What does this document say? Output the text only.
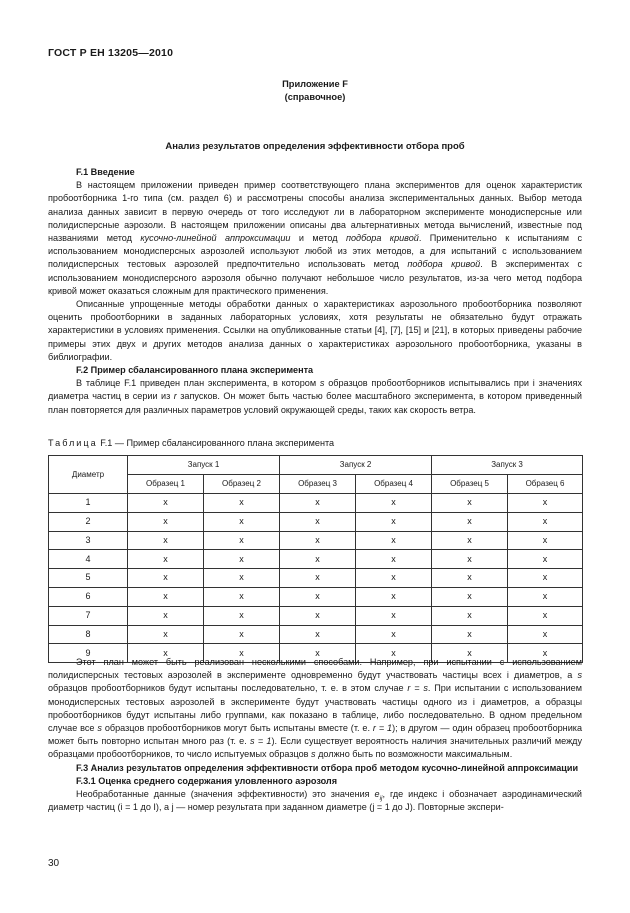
ГОСТ Р ЕН 13205—2010
Приложение F
(справочное)
Анализ результатов определения эффективности отбора проб
F.1 Введение
В настоящем приложении приведен пример соответствующего плана экспериментов для оценок характеристик пробоотборника 1-го типа (см. раздел 6) и рассмотрены способы анализа экспериментальных данных. Выбор метода анализа данных зависит в первую очередь от того исследуют ли в лабораторном эксперименте монодисперсные или полидисперсные аэрозоли. В настоящем приложении описаны два альтернативных метода вычислений, известные под названиями метод кусочно-линейной аппроксимации и метод подбора кривой. Применительно к испытаниям с использованием монодисперсных аэрозолей используют любой из этих методов, а для испытаний с использованием полидисперсных тестовых аэрозолей предпочтительно использовать метод подбора кривой. В экспериментах с использованием монодисперсного аэрозоля обычно получают небольшое число результатов, из-за чего метод подбора кривой может оказаться сложным для практического применения.
Описанные упрощенные методы обработки данных о характеристиках аэрозольного пробоотборника позволяют оценить пробоотборники в заданных лабораторных условиях, хотя результаты не обязательно будут отражать характеристики в условиях применения. Ссылки на опубликованные статьи [4], [7], [15] и [21], в которых приведены рабочие примеры этих двух и других методов анализа данных о характеристиках аэрозольного пробоотборника, указаны в библиографии.
F.2 Пример сбалансированного плана эксперимента
В таблице F.1 приведен план эксперимента, в котором s образцов пробоотборников испытывались при i значениях диаметра частиц в серии из r запусков. Он может быть частью более масштабного эксперимента, в котором приведенный план повторяется для различных параметров условий окружающей среды, таких как скорость ветра.
Таблица F.1 — Пример сбалансированного плана эксперимента
Диаметр	Запуск 1		Запуск 2		Запуск 3	
	Образец 1	Образец 2	Образец 3	Образец 4	Образец 5	Образец 6
1	x	x	x	x	x	x
2	x	x	x	x	x	x
3	x	x	x	x	x	x
4	x	x	x	x	x	x
5	x	x	x	x	x	x
6	x	x	x	x	x	x
7	x	x	x	x	x	x
8	x	x	x	x	x	x
9	x	x	x	x	x	x
Этот план может быть реализован несколькими способами. Например, при испытании с использованием полидисперсных тестовых аэрозолей в эксперименте одновременно будут участвовать частицы всех i диаметров, а s образцов пробоотборников будут испытаны последовательно, т. е. в этом случае r = s. При испытании с использованием монодисперсных тестовых аэрозолей в эксперименте будут участвовать частицы одного из i диаметров, а образцы пробоотборников будут испытаны либо группами, как показано в таблице, либо последовательно. В одном предельном случае все s образцов пробоотборников могут быть испытаны вместе (т. е. r = 1); в другом — один образец пробоотборника может быть повторно испытан много раз (т. е. s = 1). Если существует вероятность наличия значительных различий между образцами пробоотборников, то число испытуемых образцов s должно быть по возможности максимальным.
F.3 Анализ результатов определения эффективности отбора проб методом кусочно-линейной аппроксимации
F.3.1 Оценка среднего содержания уловленного аэрозоля
Необработанные данные (значения эффективности) это значения $e_{ij}$, где индекс i обозначает аэродинамический диаметр частиц (i = 1 до I), а j — номер результата при заданном диаметре (j = 1 до J). Повторные экспери-
30
